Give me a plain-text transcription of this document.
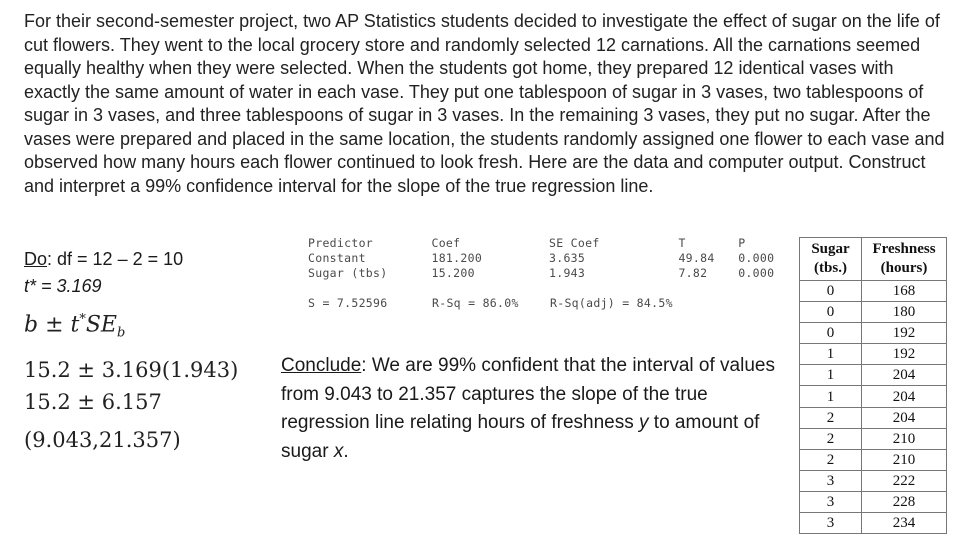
For their second-semester project, two AP Statistics students decided to investigate the effect of sugar on the life of cut flowers. They went to the local grocery store and randomly selected 12 carnations. All the carnations seemed equally healthy when they were selected. When the students got home, they prepared 12 identical vases with exactly the same amount of water in each vase. They put one tablespoon of sugar in 3 vases, two tablespoons of sugar in 3 vases, and three tablespoons of sugar in 3 vases. In the remaining 3 vases, they put no sugar. After the vases were prepared and placed in the same location, the students randomly assigned one flower to each vase and observed how many hours each flower continued to look fresh. Here are the data and computer output. Construct and interpret a 99% confidence interval for the slope of the true regression line.
Do: df = 12 – 2 = 10
t* = 3.169
Predictor	Coef	SE Coef	T	P
Constant	181.200	3.635	49.84	0.000
Sugar (tbs)	15.200	1.943	7.82	0.000
S = 7.52596	R-Sq = 86.0%	R-Sq(adj) = 84.5%
$b \pm t^*SE_b$
15.2 ± 3.169(1.943)
15.2 ± 6.157
(9.043,21.357)
Conclude: We are 99% confident that the interval of values from 9.043 to 21.357 captures the slope of the true regression line relating hours of freshness y to amount of sugar x.
Sugar
(tbs.)	Freshness
(hours)
0	168
0	180
0	192
1	192
1	204
1	204
2	204
2	210
2	210
3	222
3	228
3	234
